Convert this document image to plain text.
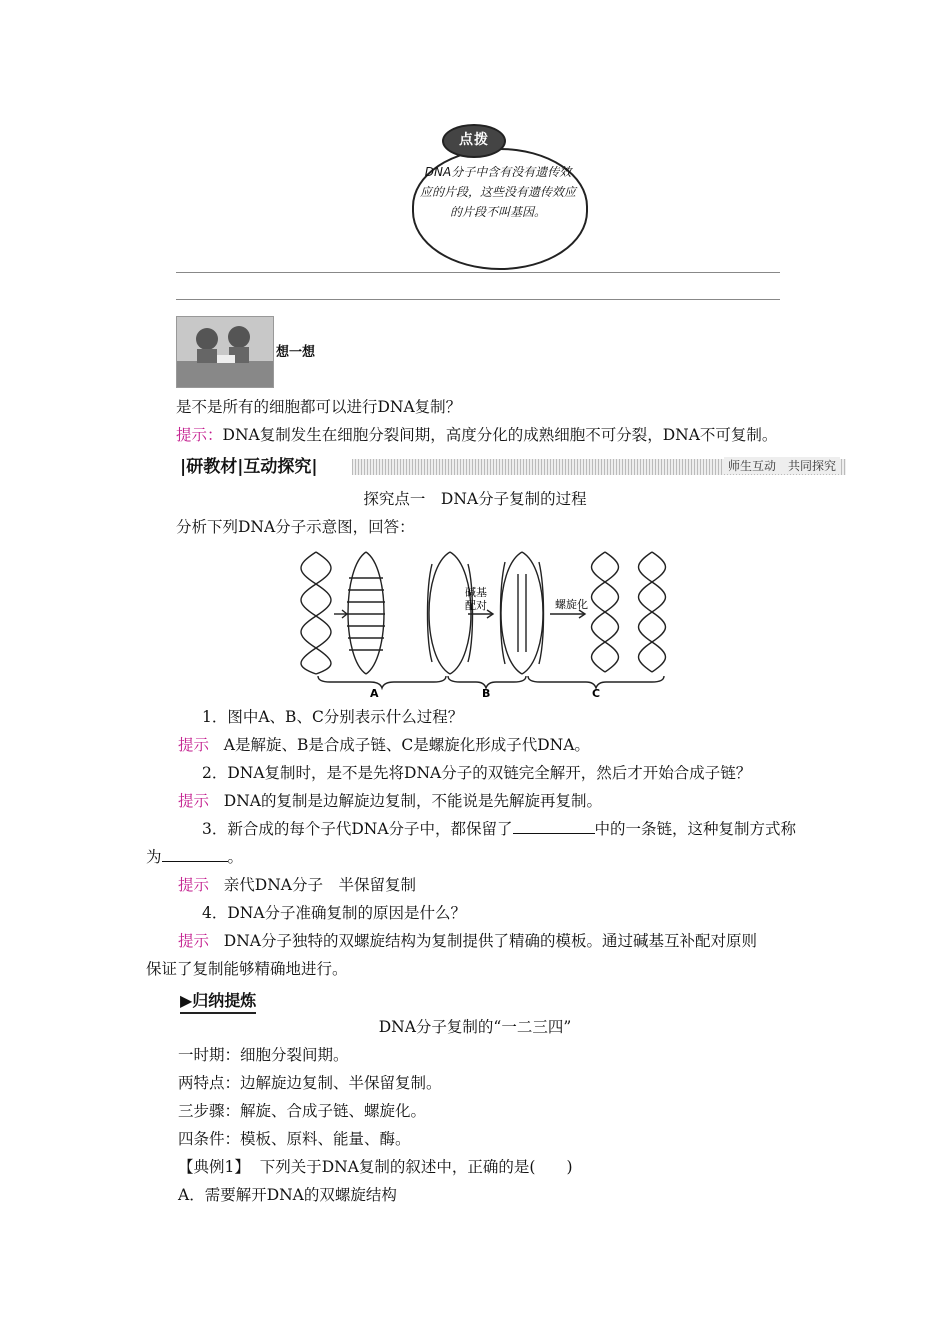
点拨
DNA分子中含有没有遗传效应的片段，这些没有遗传效应的片段不叫基因。
想一想
是不是所有的细胞都可以进行DNA复制？
提示：DNA复制发生在细胞分裂间期，高度分化的成熟细胞不可分裂，DNA不可复制。
|研教材|互动探究|	师生互动　共同探究
探究点一　DNA分子复制的过程
分析下列DNA分子示意图，回答：
碱基
配对	螺旋化
A	B	C
1．图中A、B、C分别表示什么过程？
提示 A是解旋、B是合成子链、C是螺旋化形成子代DNA。
2．DNA复制时，是不是先将DNA分子的双链完全解开，然后才开始合成子链？
提示 DNA的复制是边解旋边复制，不能说是先解旋再复制。
3．新合成的每个子代DNA分子中，都保留了	中的一条链，这种复制方式称
为	。
提示 亲代DNA分子　半保留复制
4．DNA分子准确复制的原因是什么？
提示 DNA分子独特的双螺旋结构为复制提供了精确的模板。通过碱基互补配对原则
保证了复制能够精确地进行。
▶归纳提炼
DNA分子复制的“一二三四”
一时期：细胞分裂间期。
两特点：边解旋边复制、半保留复制。
三步骤：解旋、合成子链、螺旋化。
四条件：模板、原料、能量、酶。
【典例1】 下列关于DNA复制的叙述中，正确的是(　　)
A．需要解开DNA的双螺旋结构
